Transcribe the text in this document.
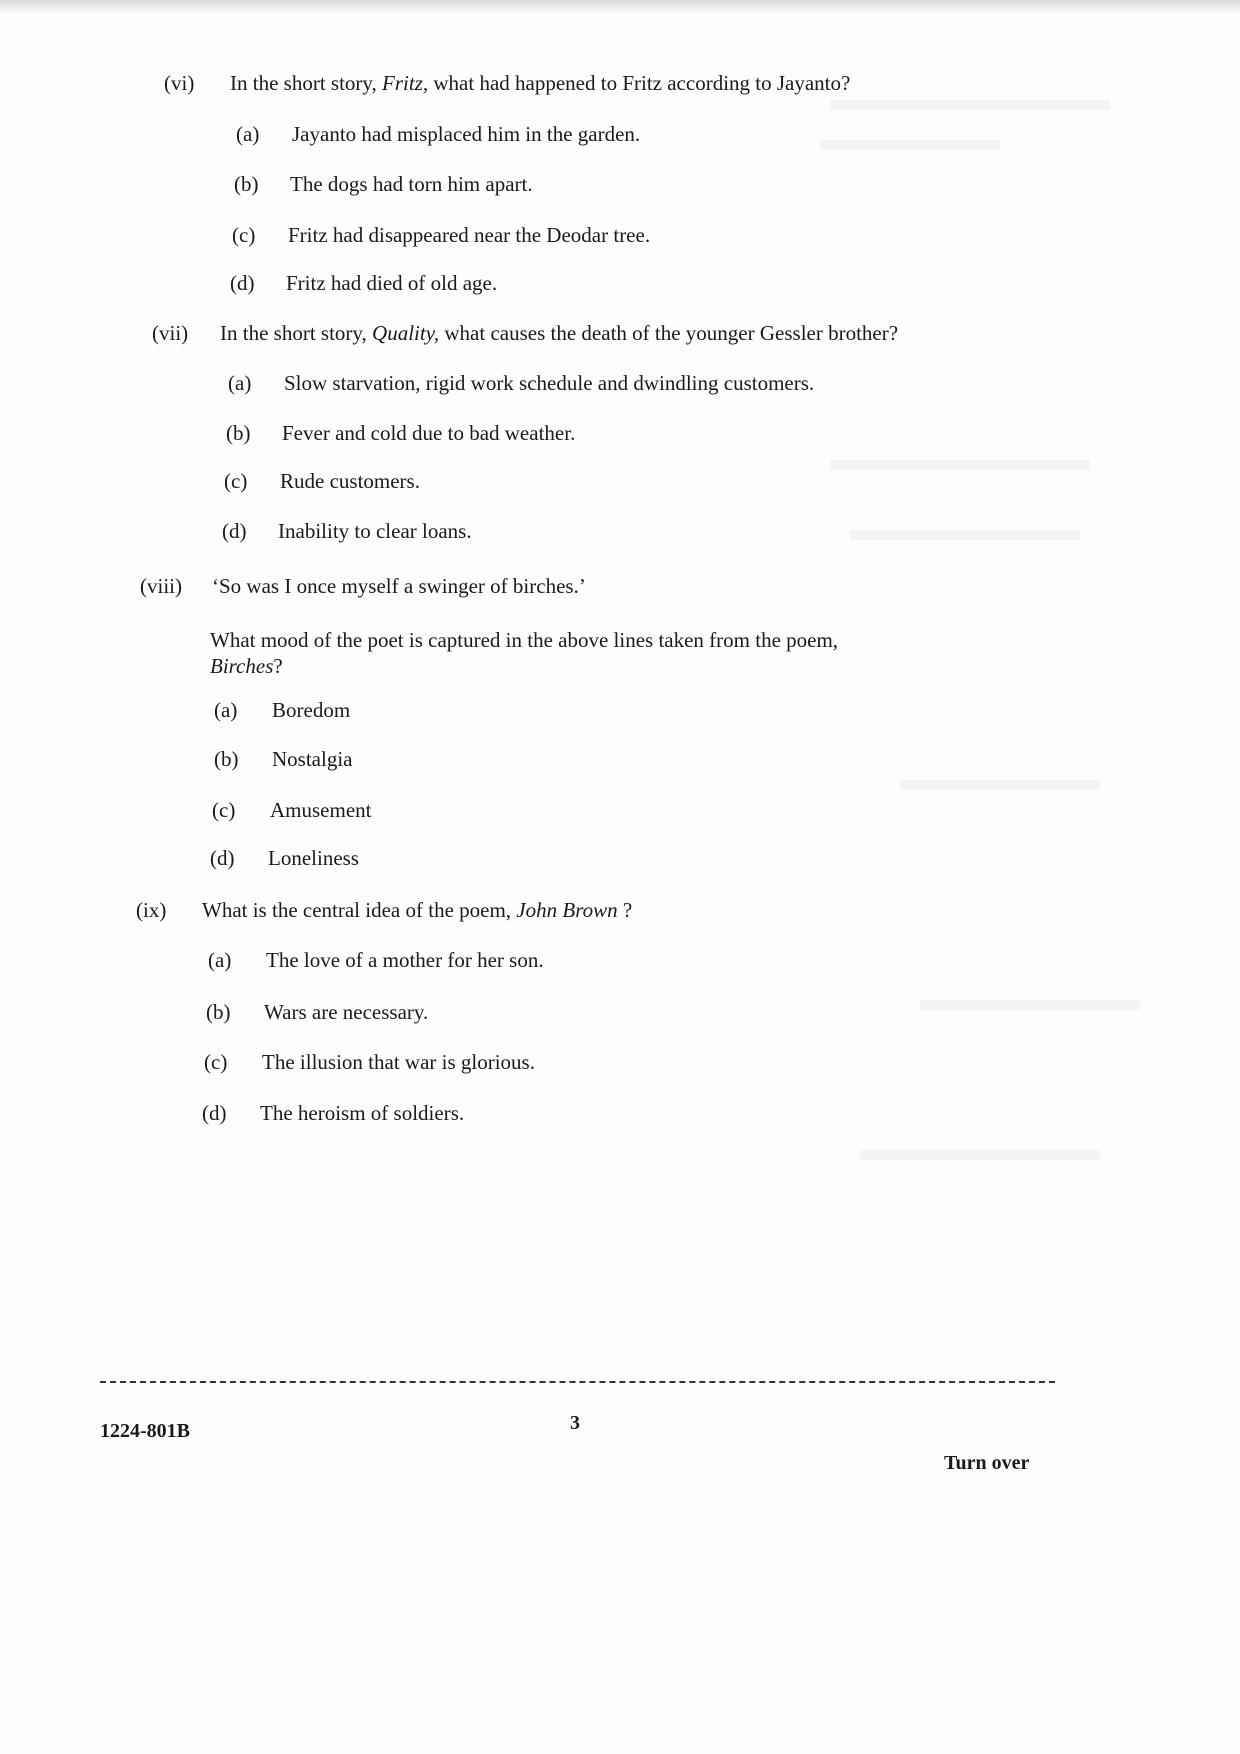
(vi) In the short story, Fritz, what had happened to Fritz according to Jayanto?
(a) Jayanto had misplaced him in the garden.
(b) The dogs had torn him apart.
(c) Fritz had disappeared near the Deodar tree.
(d) Fritz had died of old age.
(vii) In the short story, Quality, what causes the death of the younger Gessler brother?
(a) Slow starvation, rigid work schedule and dwindling customers.
(b) Fever and cold due to bad weather.
(c) Rude customers.
(d) Inability to clear loans.
(viii) ‘So was I once myself a swinger of birches.’
What mood of the poet is captured in the above lines taken from the poem,
Birches?
(a) Boredom
(b) Nostalgia
(c) Amusement
(d) Loneliness
(ix) What is the central idea of the poem, John Brown ?
(a) The love of a mother for her son.
(b) Wars are necessary.
(c) The illusion that war is glorious.
(d) The heroism of soldiers.
1224-801B	3
Turn over
